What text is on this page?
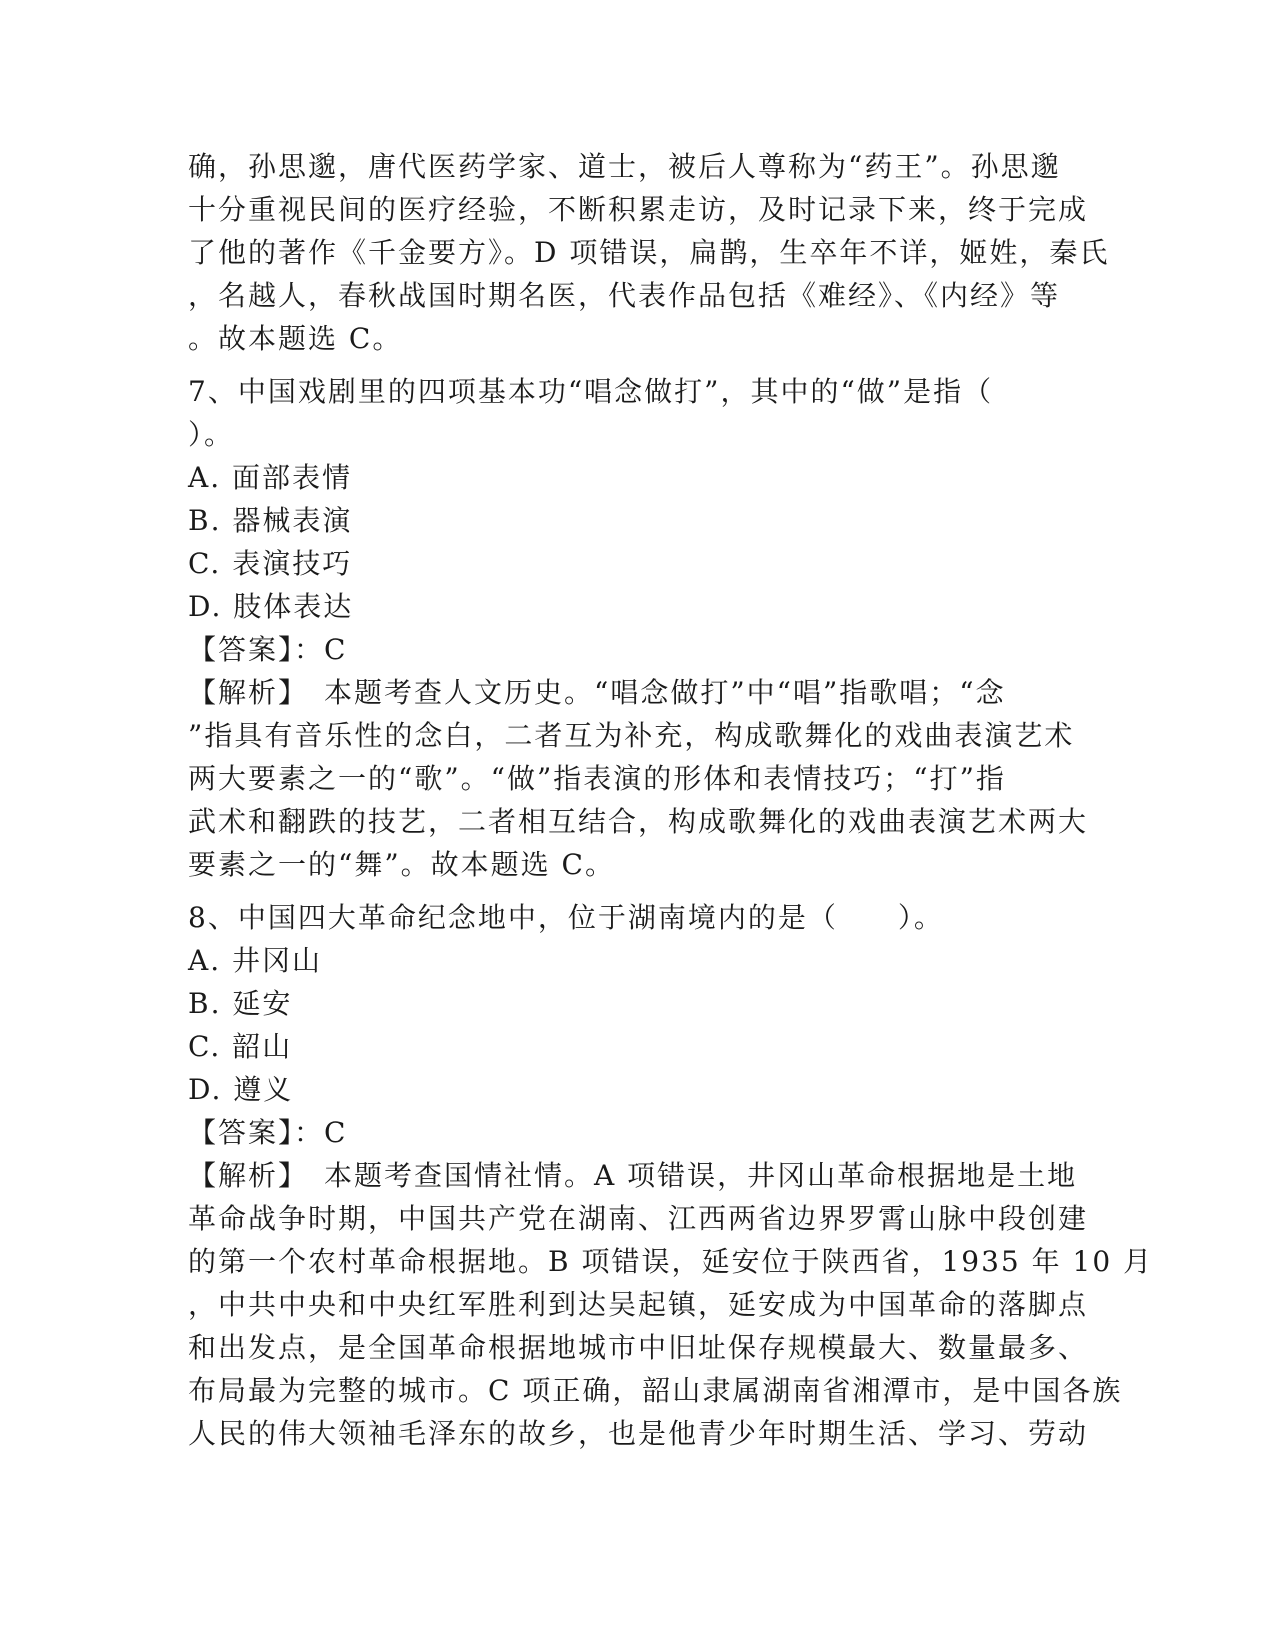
确，孙思邈，唐代医药学家、道士，被后人尊称为“药王”。孙思邈
十分重视民间的医疗经验，不断积累走访，及时记录下来，终于完成
了他的著作《千金要方》。D 项错误，扁鹊，生卒年不详，姬姓，秦氏
，名越人，春秋战国时期名医，代表作品包括《难经》、《内经》等
。故本题选 C。
7、中国戏剧里的四项基本功“唱念做打”，其中的“做”是指（
）。
A. 面部表情
B. 器械表演
C. 表演技巧
D. 肢体表达
【答案】：C
【解析】　本题考查人文历史。“唱念做打”中“唱”指歌唱；“念
”指具有音乐性的念白，二者互为补充，构成歌舞化的戏曲表演艺术
两大要素之一的“歌”。“做”指表演的形体和表情技巧；“打”指
武术和翻跌的技艺，二者相互结合，构成歌舞化的戏曲表演艺术两大
要素之一的“舞”。故本题选 C。
8、中国四大革命纪念地中，位于湖南境内的是（　　）。
A. 井冈山
B. 延安
C. 韶山
D. 遵义
【答案】：C
【解析】　本题考查国情社情。A 项错误，井冈山革命根据地是土地
革命战争时期，中国共产党在湖南、江西两省边界罗霄山脉中段创建
的第一个农村革命根据地。B 项错误，延安位于陕西省，1935 年 10 月
，中共中央和中央红军胜利到达吴起镇，延安成为中国革命的落脚点
和出发点，是全国革命根据地城市中旧址保存规模最大、数量最多、
布局最为完整的城市。C 项正确，韶山隶属湖南省湘潭市，是中国各族
人民的伟大领袖毛泽东的故乡，也是他青少年时期生活、学习、劳动
